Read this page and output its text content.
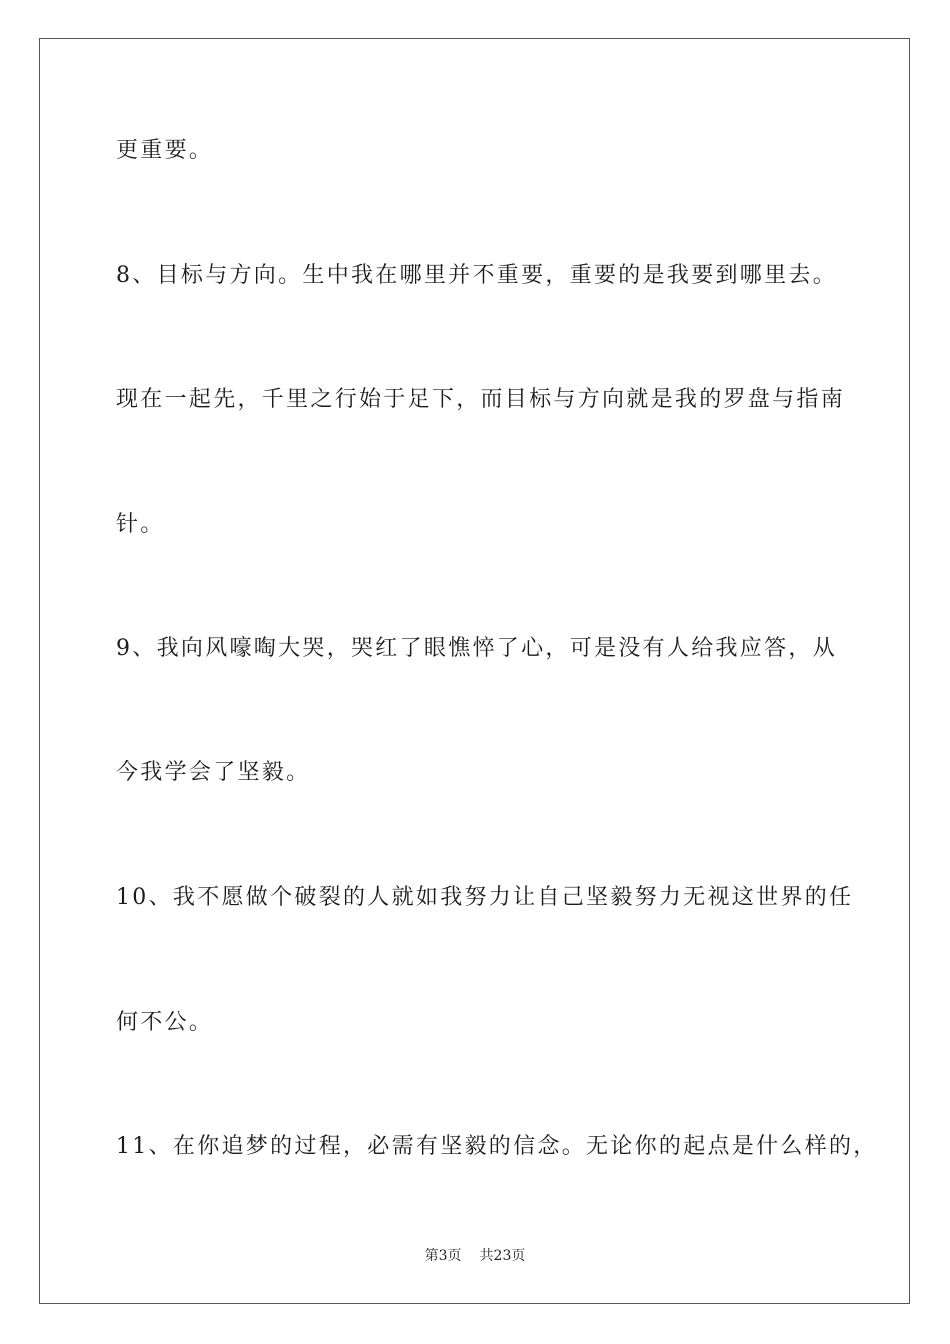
更重要。
8、目标与方向。生中我在哪里并不重要，重要的是我要到哪里去。
现在一起先，千里之行始于足下，而目标与方向就是我的罗盘与指南
针。
9、我向风嚎啕大哭，哭红了眼憔悴了心，可是没有人给我应答，从
今我学会了坚毅。
10、我不愿做个破裂的人就如我努力让自己坚毅努力无视这世界的任
何不公。
11、在你追梦的过程，必需有坚毅的信念。无论你的起点是什么样的，
第3页 共23页
